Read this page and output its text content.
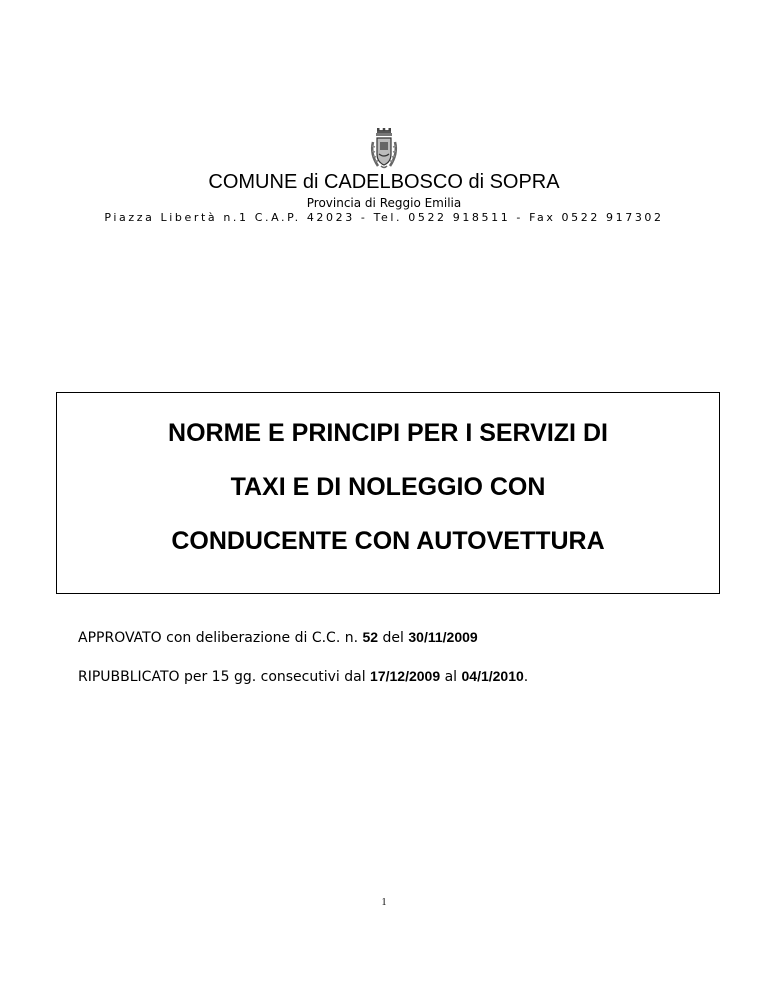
COMUNE di CADELBOSCO di SOPRA
Provincia di Reggio Emilia
Piazza Libertà n.1 C.A.P. 42023 - Tel. 0522 918511 - Fax 0522 917302
NORME E PRINCIPI PER I SERVIZI DI
TAXI E DI NOLEGGIO CON
CONDUCENTE CON AUTOVETTURA
APPROVATO con deliberazione di C.C. n. 52 del 30/11/2009
RIPUBBLICATO per 15 gg. consecutivi dal 17/12/2009 al 04/1/2010.
1
